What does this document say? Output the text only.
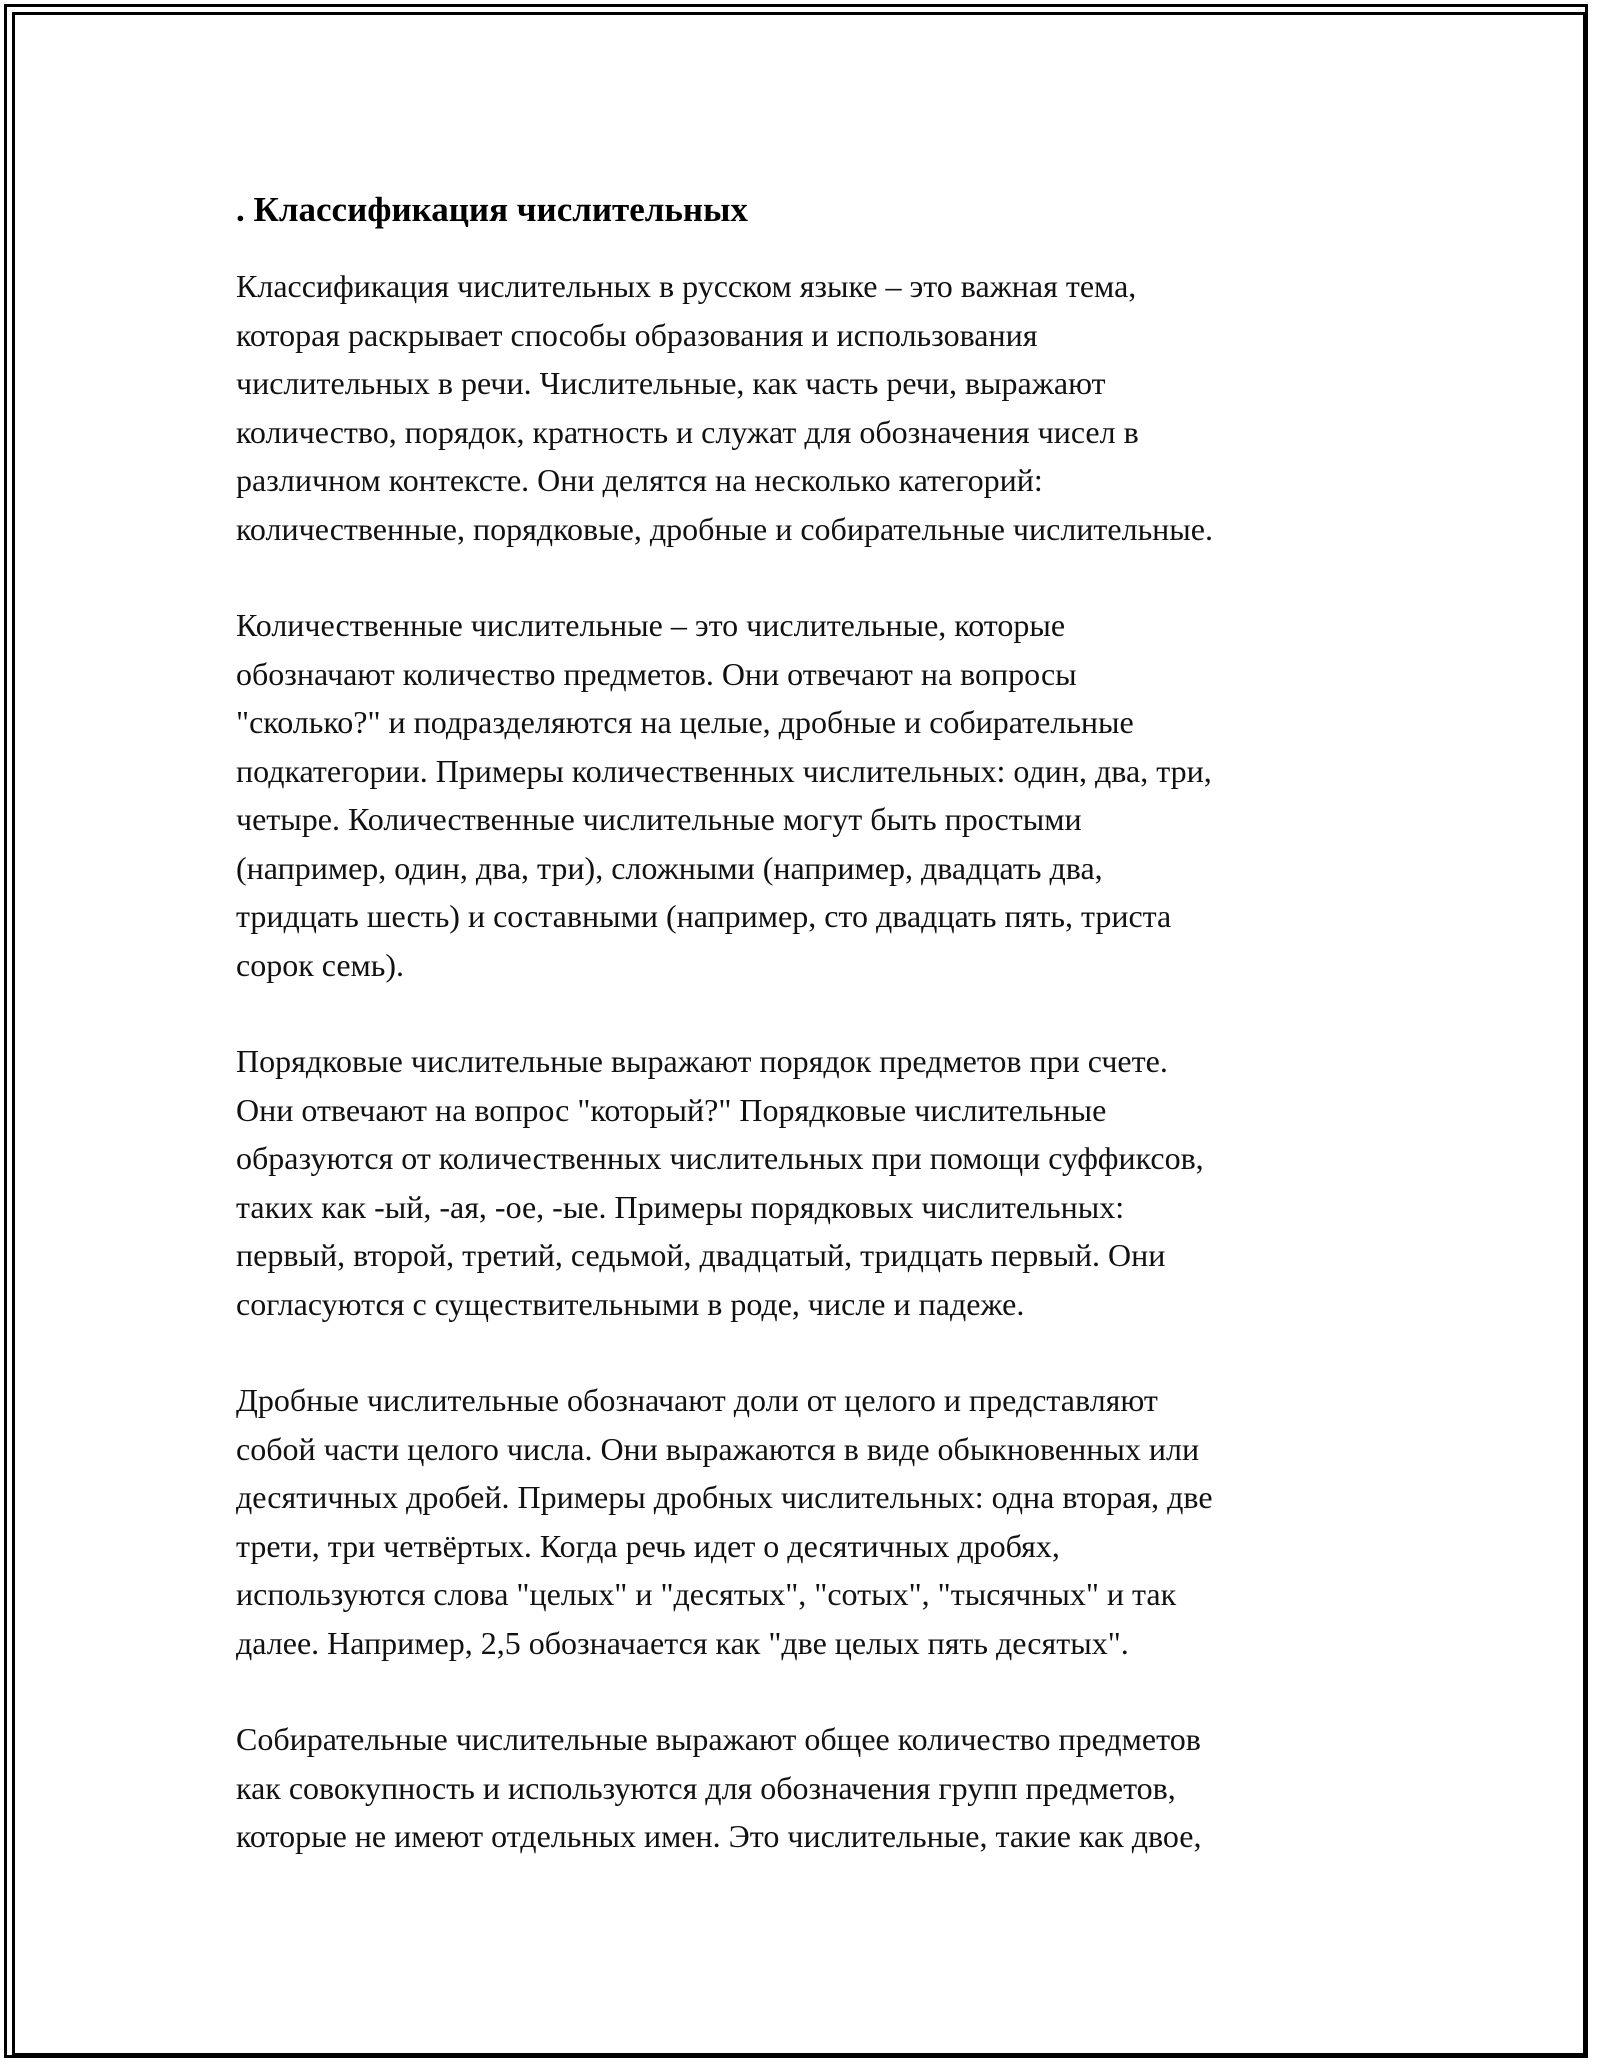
. Классификация числительных

Классификация числительных в русском языке – это важная тема,
которая раскрывает способы образования и использования
числительных в речи. Числительные, как часть речи, выражают
количество, порядок, кратность и служат для обозначения чисел в
различном контексте. Они делятся на несколько категорий:
количественные, порядковые, дробные и собирательные числительные.

Количественные числительные – это числительные, которые
обозначают количество предметов. Они отвечают на вопросы
"сколько?" и подразделяются на целые, дробные и собирательные
подкатегории. Примеры количественных числительных: один, два, три,
четыре. Количественные числительные могут быть простыми
(например, один, два, три), сложными (например, двадцать два,
тридцать шесть) и составными (например, сто двадцать пять, триста
сорок семь).

Порядковые числительные выражают порядок предметов при счете.
Они отвечают на вопрос "который?" Порядковые числительные
образуются от количественных числительных при помощи суффиксов,
таких как -ый, -ая, -ое, -ые. Примеры порядковых числительных:
первый, второй, третий, седьмой, двадцатый, тридцать первый. Они
согласуются с существительными в роде, числе и падеже.

Дробные числительные обозначают доли от целого и представляют
собой части целого числа. Они выражаются в виде обыкновенных или
десятичных дробей. Примеры дробных числительных: одна вторая, две
трети, три четвёртых. Когда речь идет о десятичных дробях,
используются слова "целых" и "десятых", "сотых", "тысячных" и так
далее. Например, 2,5 обозначается как "две целых пять десятых".

Собирательные числительные выражают общее количество предметов
как совокупность и используются для обозначения групп предметов,
которые не имеют отдельных имен. Это числительные, такие как двое,
